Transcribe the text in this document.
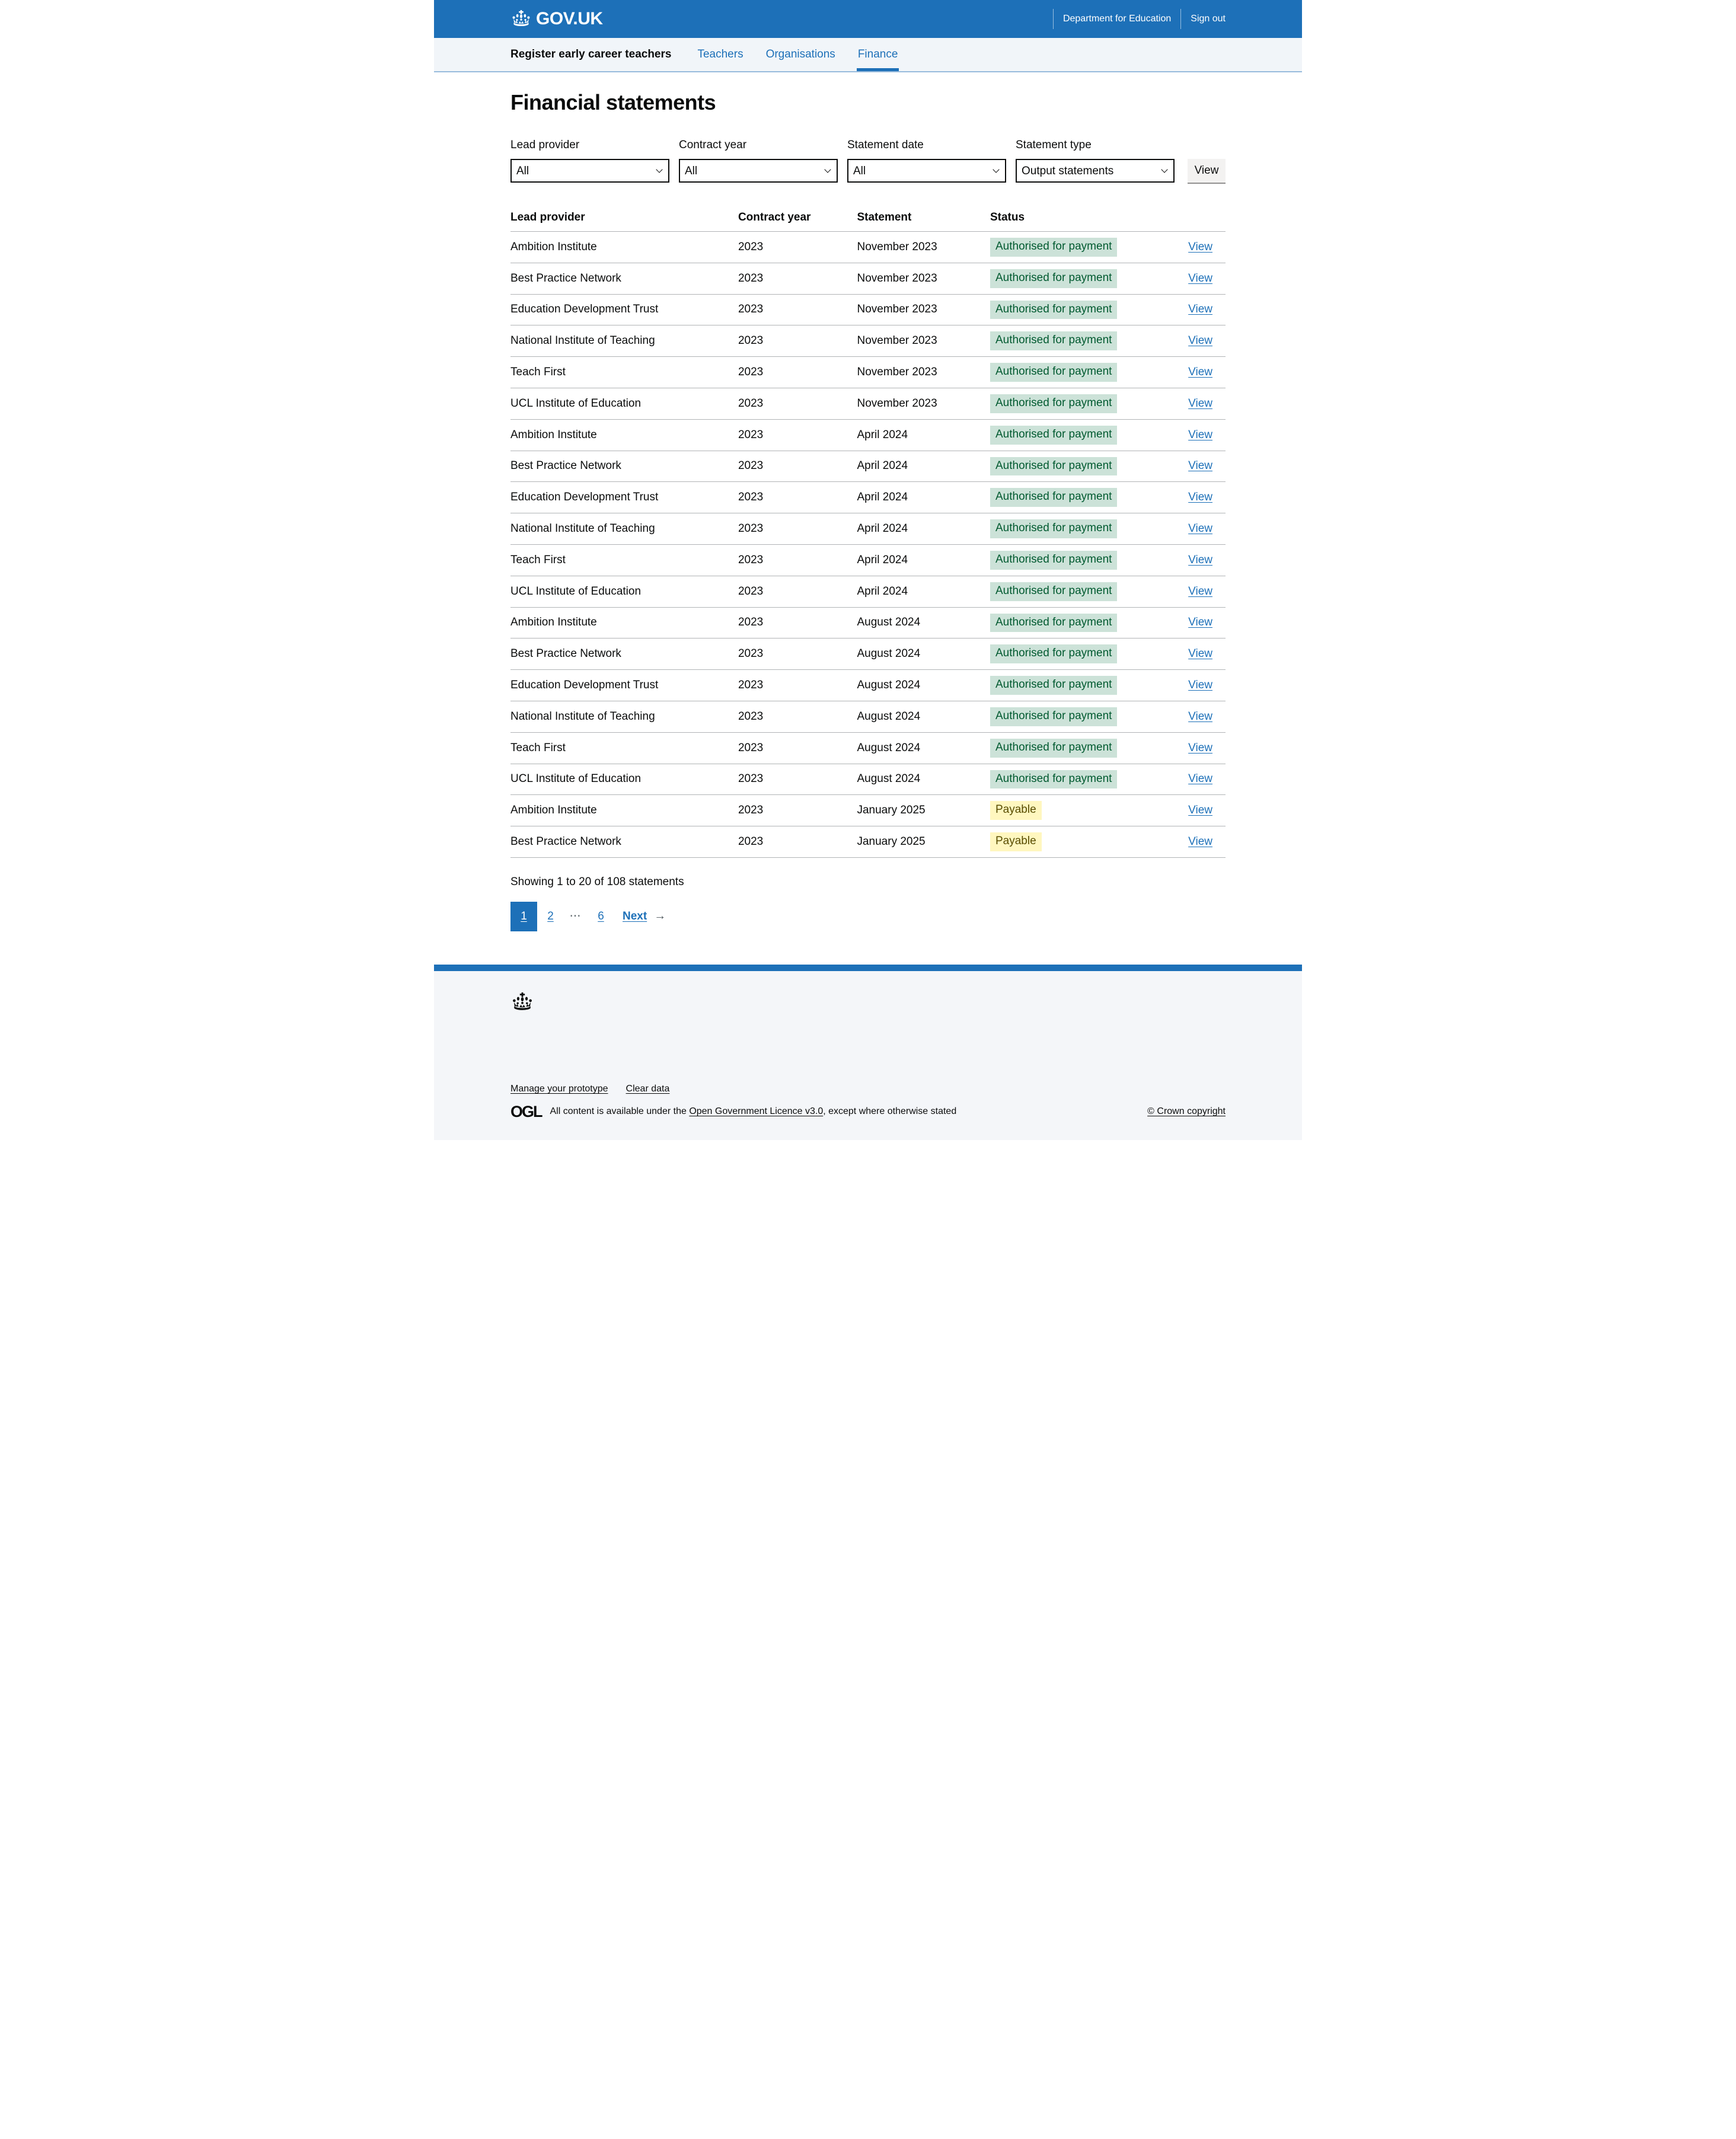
GOV.UK	Department for Education	Sign out
Register early career teachers Teachers Organisations Finance
Financial statements
Lead provider
All	Contract year
All	Statement date
All	Statement type
Output statements
View
Lead provider	Contract year	Statement	Status	
Ambition Institute	2023	November 2023	Authorised for payment	View
Best Practice Network	2023	November 2023	Authorised for payment	View
Education Development Trust	2023	November 2023	Authorised for payment	View
National Institute of Teaching	2023	November 2023	Authorised for payment	View
Teach First	2023	November 2023	Authorised for payment	View
UCL Institute of Education	2023	November 2023	Authorised for payment	View
Ambition Institute	2023	April 2024	Authorised for payment	View
Best Practice Network	2023	April 2024	Authorised for payment	View
Education Development Trust	2023	April 2024	Authorised for payment	View
National Institute of Teaching	2023	April 2024	Authorised for payment	View
Teach First	2023	April 2024	Authorised for payment	View
UCL Institute of Education	2023	April 2024	Authorised for payment	View
Ambition Institute	2023	August 2024	Authorised for payment	View
Best Practice Network	2023	August 2024	Authorised for payment	View
Education Development Trust	2023	August 2024	Authorised for payment	View
National Institute of Teaching	2023	August 2024	Authorised for payment	View
Teach First	2023	August 2024	Authorised for payment	View
UCL Institute of Education	2023	August 2024	Authorised for payment	View
Ambition Institute	2023	January 2025	Payable	View
Best Practice Network	2023	January 2025	Payable	View

Showing 1 to 20 of 108 statements

1	2	⋯	6	Next →
Manage your prototype Clear data
OGL All content is available under the Open Government Licence v3.0, except where otherwise stated	© Crown copyright
